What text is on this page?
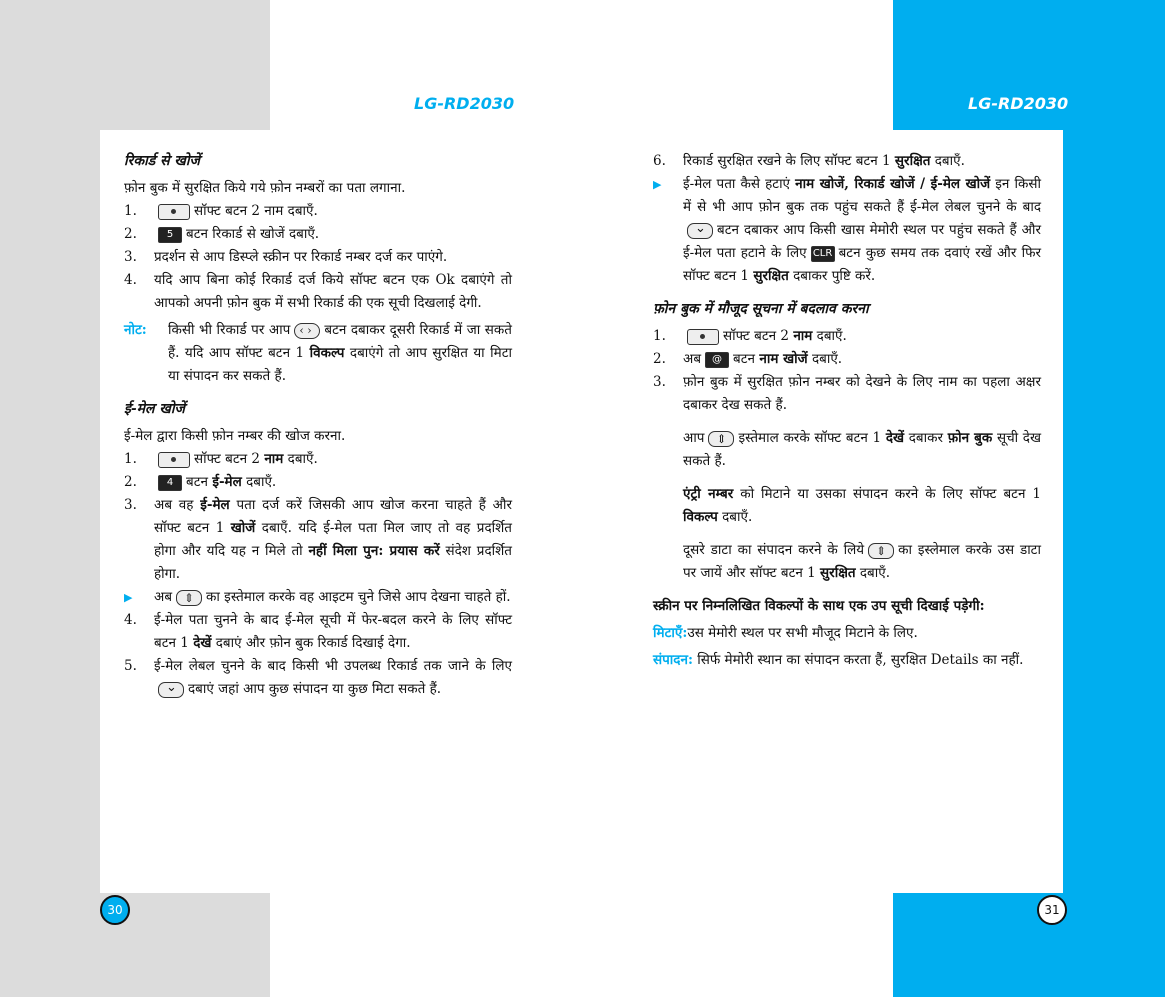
LG-RD2030	LG-RD2030
रिकार्ड से खोजें

फ़ोन बुक में सुरक्षित किये गये फ़ोन नम्बरों का पता लगाना.

1.	सॉफ्ट बटन 2 नाम दबाएँ.
2.	5 बटन रिकार्ड से खोजें दबाएँ.
3. प्रदर्शन से आप डिस्प्ले स्क्रीन पर रिकार्ड नम्बर दर्ज कर पाएंगे.
4. यदि आप बिना कोई रिकार्ड दर्ज किये सॉफ्ट बटन एक Ok दबाएंगे तो आपको अपनी फ़ोन बुक में सभी रिकार्ड की एक सूची दिखलाई देगी.
नोट: किसी भी रिकार्ड पर आप ‹ ›	बटन दबाकर दूसरी रिकार्ड में जा सकते हैं. यदि आप सॉफ्ट बटन 1 विकल्प दबाएंगे तो आप सुरक्षित या मिटा या संपादन कर सकते हैं.
ई-मेल खोजें

ई-मेल द्वारा किसी फ़ोन नम्बर की खोज करना.

1.	सॉफ्ट बटन 2 नाम दबाएँ.
2.	4 बटन ई-मेल दबाएँ.
3. अब वह ई-मेल पता दर्ज करें जिसकी आप खोज करना चाहते हैं और सॉफ्ट बटन 1 खोजें दबाएँ. यदि ई-मेल पता मिल जाए तो वह प्रदर्शित होगा और यदि यह न मिले तो नहीं मिला पुन: प्रयास करें संदेश प्रदर्शित होगा.
▶ अब ⇕	का इस्तेमाल करके वह आइटम चुने जिसे आप देखना चाहते हों.
4. ई-मेल पता चुनने के बाद ई-मेल सूची में फेर-बदल करने के लिए सॉफ्ट बटन 1 देखें दबाएं और फ़ोन बुक रिकार्ड दिखाई देगा.
5. ई-मेल लेबल चुनने के बाद किसी भी उपलब्ध रिकार्ड तक जाने के लिए⌄दबाएं जहां आप कुछ संपादन या कुछ मिटा सकते हैं.
6. रिकार्ड सुरक्षित रखने के लिए सॉफ्ट बटन 1 सुरक्षित दबाएँ.
▶ ई-मेल पता कैसे हटाएं नाम खोजें, रिकार्ड खोजें / ई-मेल खोजें इन किसी में से भी आप फ़ोन बुक तक पहुंच सकते हैं ई-मेल लेबल चुनने के बाद⌄बटन दबाकर आप किसी खास मेमोरी स्थल पर पहुंच सकते हैं और ई-मेल पता हटाने के लिए CLR बटन कुछ समय तक दवाएं रखें और फिर सॉफ्ट बटन 1 सुरक्षित दबाकर पुष्टि करें.
फ़ोन बुक में मौजूद सूचना में बदलाव करना
1.	सॉफ्ट बटन 2 नाम दबाएँ.
2. अब @ बटन नाम खोजें दबाएँ.
3. फ़ोन बुक में सुरक्षित फ़ोन नम्बर को देखने के लिए नाम का पहला अक्षर दबाकर देख सकते हैं.

आप ⇕	इस्तेमाल करके सॉफ्ट बटन 1 देखें दबाकर फ़ोन बुक सूची देख सकते हैं.

एंट्री नम्बर को मिटाने या उसका संपादन करने के लिए सॉफ्ट बटन 1 विकल्प दबाएँ.

दूसरे डाटा का संपादन करने के लिये ⇕	का इस्लेमाल करके उस डाटा पर जायें और सॉफ्ट बटन 1 सुरक्षित दबाएँ.

स्क्रीन पर निम्नलिखित विकल्पों के साथ एक उप सूची दिखाई पड़ेगी:

मिटाएँ:उस मेमोरी स्थल पर सभी मौजूद मिटाने के लिए.

संपादन: सिर्फ मेमोरी स्थान का संपादन करता हैं, सुरक्षित Details का नहीं.

30	31
